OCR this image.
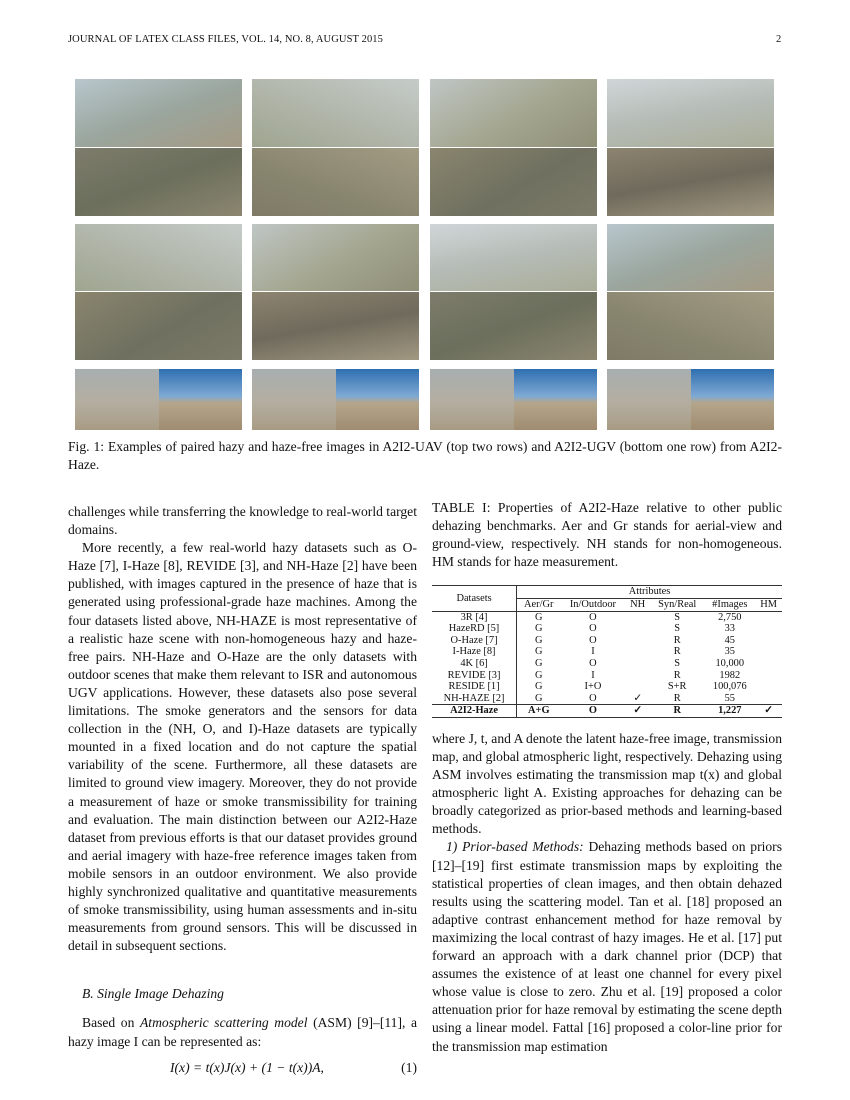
JOURNAL OF LATEX CLASS FILES, VOL. 14, NO. 8, AUGUST 2015	2
Fig. 1: Examples of paired hazy and haze-free images in A2I2-UAV (top two rows) and A2I2-UGV (bottom one row) from A2I2-Haze.

challenges while transferring the knowledge to real-world target domains.

More recently, a few real-world hazy datasets such as O-Haze [7], I-Haze [8], REVIDE [3], and NH-Haze [2] have been published, with images captured in the presence of haze that is generated using professional-grade haze machines. Among the four datasets listed above, NH-HAZE is most representative of a realistic haze scene with non-homogeneous hazy and haze-free pairs. NH-Haze and O-Haze are the only datasets with outdoor scenes that make them relevant to ISR and autonomous UGV applications. However, these datasets also pose several limitations. The smoke generators and the sensors for data collection in the (NH, O, and I)-Haze datasets are typically mounted in a fixed location and do not capture the spatial variability of the scene. Furthermore, all these datasets are limited to ground view imagery. Moreover, they do not provide a measurement of haze or smoke transmissibility for training and evaluation. The main distinction between our A2I2-Haze dataset from previous efforts is that our dataset provides ground and aerial imagery with haze-free reference images taken from mobile sensors in an outdoor environment. We also provide highly synchronized qualitative and quantitative measurements of smoke transmissibility, using human assessments and in-situ measurements from ground sensors. This will be discussed in detail in subsequent sections.

B. Single Image Dehazing

Based on Atmospheric scattering model (ASM) [9]–[11], a hazy image I can be represented as:

I(x) = t(x)J(x) + (1 − t(x))A,	(1)

TABLE I: Properties of A2I2-Haze relative to other public dehazing benchmarks. Aer and Gr stands for aerial-view and ground-view, respectively. NH stands for non-homogeneous. HM stands for haze measurement.

Datasets	Attributes					
	Aer/Gr	In/Outdoor	NH	Syn/Real	#Images	HM
3R [4]	G	O		S	2,750	
HazeRD [5]	G	O		S	33	
O-Haze [7]	G	O		R	45	
I-Haze [8]	G	I		R	35	
4K [6]	G	O		S	10,000	
REVIDE [3]	G	I		R	1982	
RESIDE [1]	G	I+O		S+R	100,076	
NH-HAZE [2]	G	O	✓	R	55	
A2I2-Haze	A+G	O	✓	R	1,227	✓

where J, t, and A denote the latent haze-free image, transmission map, and global atmospheric light, respectively. Dehazing using ASM involves estimating the transmission map t(x) and global atmospheric light A. Existing approaches for dehazing can be broadly categorized as prior-based methods and learning-based methods.

1) Prior-based Methods: Dehazing methods based on priors [12]–[19] first estimate transmission maps by exploiting the statistical properties of clean images, and then obtain dehazed results using the scattering model. Tan et al. [18] proposed an adaptive contrast enhancement method for haze removal by maximizing the local contrast of hazy images. He et al. [17] put forward an approach with a dark channel prior (DCP) that assumes the existence of at least one channel for every pixel whose value is close to zero. Zhu et al. [19] proposed a color attenuation prior for haze removal by estimating the scene depth using a linear model. Fattal [16] proposed a color-line prior for the transmission map estimation
